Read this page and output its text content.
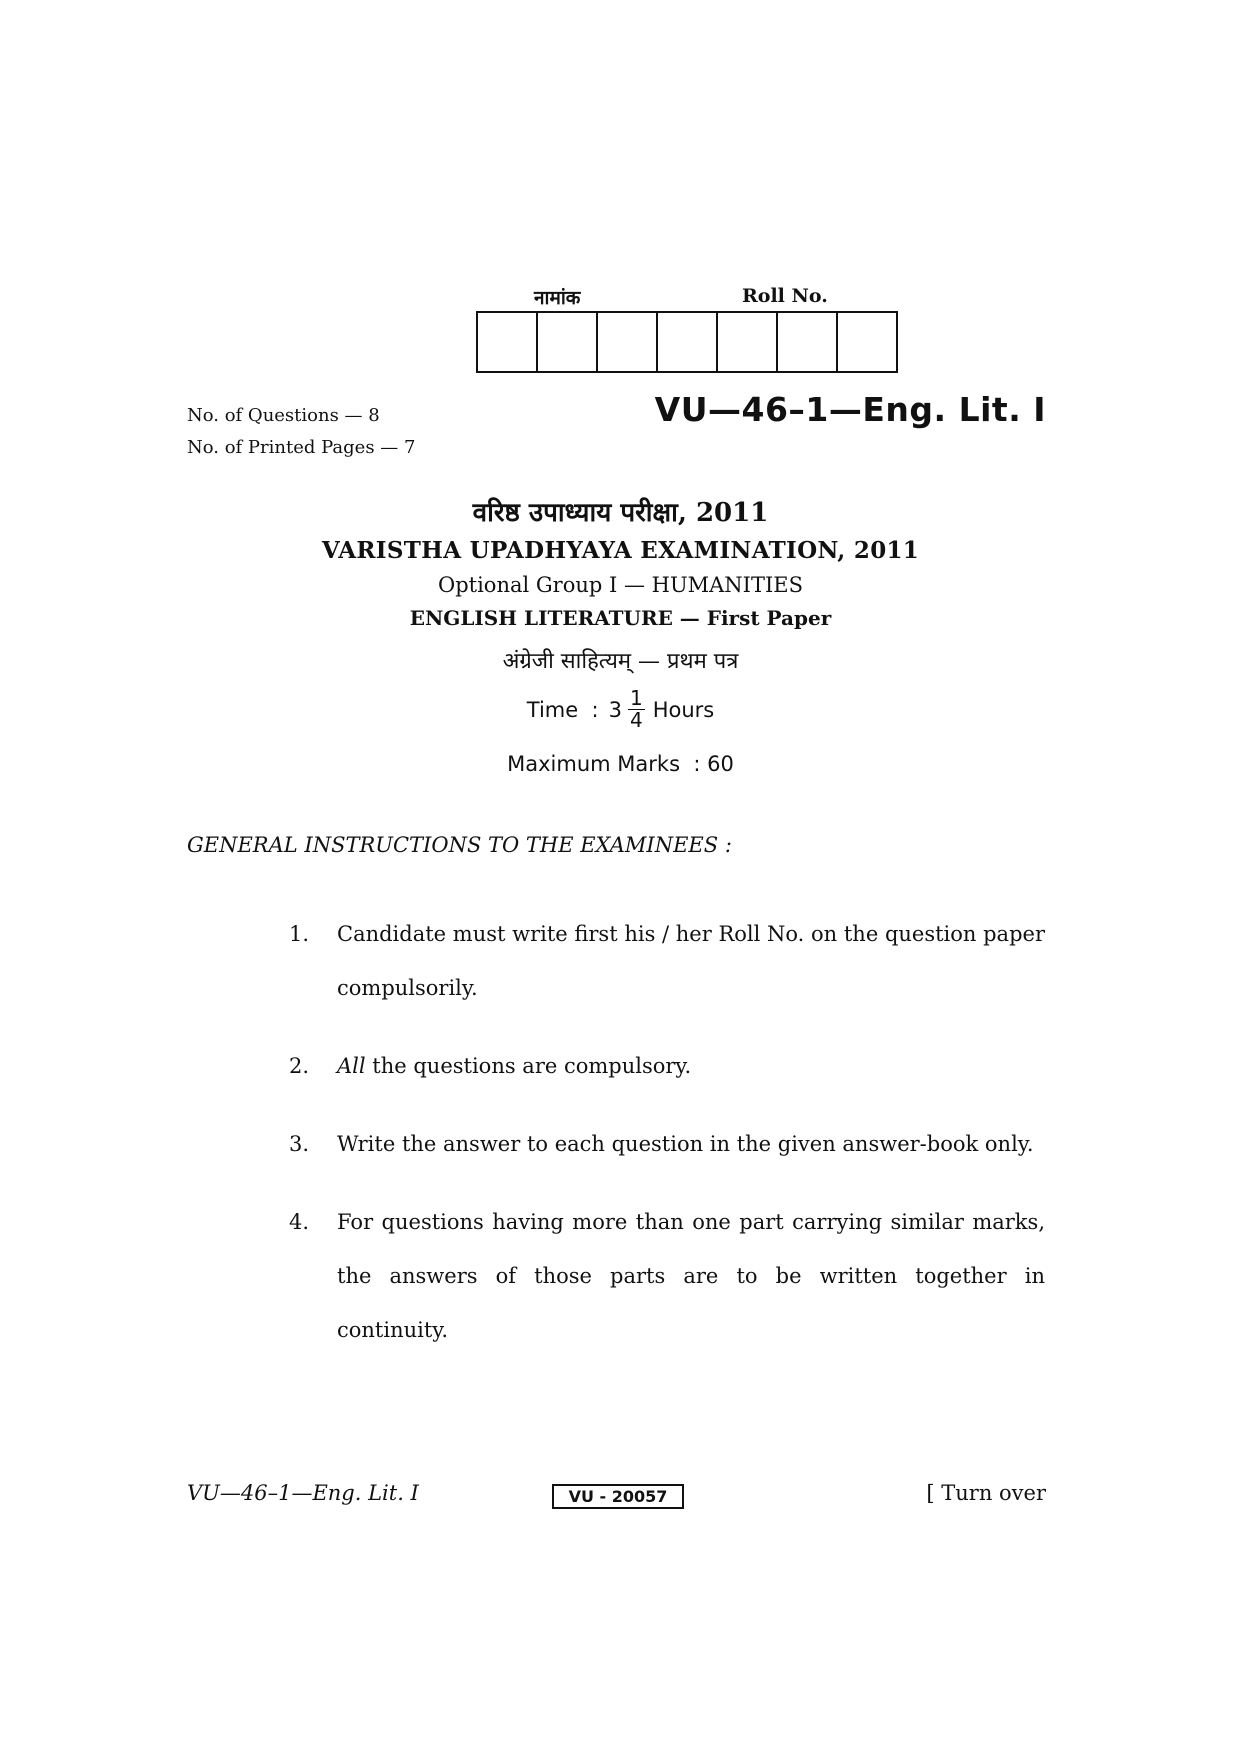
नामांक	Roll No.
No. of Questions — 8
No. of Printed Pages — 7
VU—46–1—Eng. Lit. I
वरिष्ठ उपाध्याय परीक्षा, 2011
VARISTHA UPADHYAYA EXAMINATION, 2011
Optional Group I — HUMANITIES
ENGLISH LITERATURE — First Paper
अंग्रेजी साहित्यम् — प्रथम पत्र
Time  : $3 \frac{1}{4}$ Hours
Maximum Marks  : 60
GENERAL INSTRUCTIONS TO THE EXAMINEES :
1.	Candidate must write first his / her Roll No. on the question paper compulsorily.
2.	All the questions are compulsory.
3.	Write the answer to each question in the given answer-book only.
4.	For questions having more than one part carrying similar marks, the answers of those parts are to be written together in continuity.
VU—46–1—Eng. Lit. I	VU - 20057	[ Turn over
